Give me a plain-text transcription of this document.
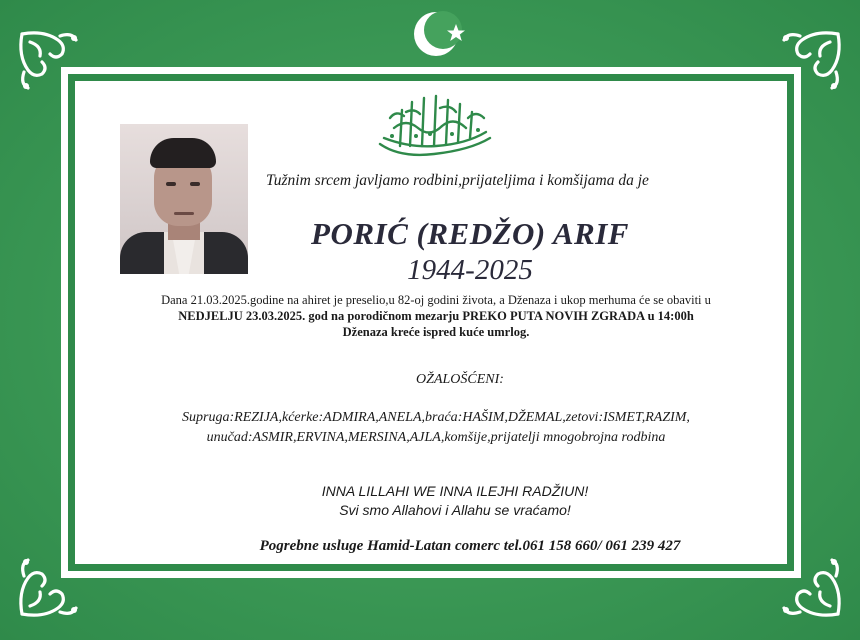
Tužnim srcem javljamo rodbini,prijateljima i komšijama da je
PORIĆ (REDŽO) ARIF
1944-2025
Dana 21.03.2025.godine na ahiret je preselio,u 82-oj godini života, a Dženaza i ukop merhuma će se obaviti u
NEDJELJU 23.03.2025. god na porodičnom mezarju PREKO PUTA NOVIH ZGRADA u 14:00h
Dženaza kreće ispred kuće umrlog.
OŽALOŠĆENI:
Supruga:REZIJA,kćerke:ADMIRA,ANELA,braća:HAŠIM,DŽEMAL,zetovi:ISMET,RAZIM,
unučad:ASMIR,ERVINA,MERSINA,AJLA,komšije,prijatelji mnogobrojna rodbina
INNA LILLAHI WE INNA ILEJHI RADŽIUN!
Svi smo Allahovi i Allahu se vraćamo!
Pogrebne usluge Hamid-Latan comerc tel.061 158 660/ 061 239 427
